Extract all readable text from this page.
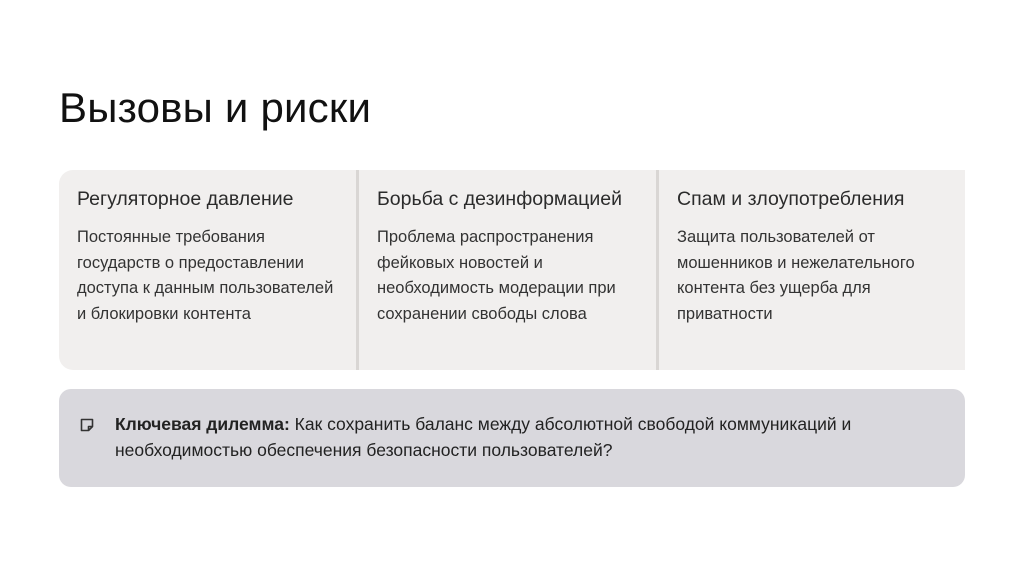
Вызовы и риски

Регуляторное давление

Постоянные требования государств о предоставлении доступа к данным пользователей и блокировки контента

Борьба с дезинформацией

Проблема распространения фейковых новостей и необходимость модерации при сохранении свободы слова

Спам и злоупотребления

Защита пользователей от мошенников и нежелательного контента без ущерба для приватности

Ключевая дилемма: Как сохранить баланс между абсолютной свободой коммуникаций и необходимостью обеспечения безопасности пользователей?
